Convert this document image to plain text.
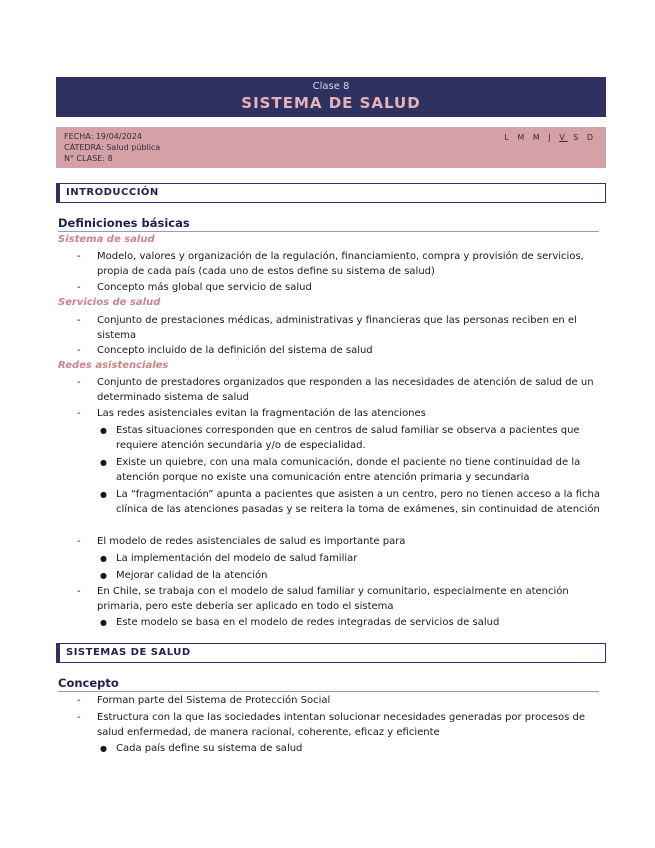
Clase 8
SISTEMA DE SALUD
FECHA: 19/04/2024
CÁTEDRA: Salud pública
N° CLASE: 8
L M M J V S D
INTRODUCCIÓN
Definiciones básicas
Sistema de salud
- Modelo, valores y organización de la regulación, financiamiento, compra y provisión de servicios, propia de cada país (cada uno de estos define su sistema de salud)
- Concepto más global que servicio de salud
Servicios de salud
- Conjunto de prestaciones médicas, administrativas y financieras que las personas reciben en el sistema
- Concepto incluido de la definición del sistema de salud
Redes asistenciales
- Conjunto de prestadores organizados que responden a las necesidades de atención de salud de un determinado sistema de salud
- Las redes asistenciales evitan la fragmentación de las atenciones
● Estas situaciones corresponden que en centros de salud familiar se observa a pacientes que requiere atención secundaria y/o de especialidad.
● Existe un quiebre, con una mala comunicación, donde el paciente no tiene continuidad de la atención porque no existe una comunicación entre atención primaria y secundaria
● La “fragmentación” apunta a pacientes que asisten a un centro, pero no tienen acceso a la ficha clínica de las atenciones pasadas y se reitera la toma de exámenes, sin continuidad de atención
- El modelo de redes asistenciales de salud es importante para
● La implementación del modelo de salud familiar
● Mejorar calidad de la atención
- En Chile, se trabaja con el modelo de salud familiar y comunitario, especialmente en atención primaria, pero este debería ser aplicado en todo el sistema
● Este modelo se basa en el modelo de redes integradas de servicios de salud
SISTEMAS DE SALUD
Concepto
- Forman parte del Sistema de Protección Social
- Estructura con la que las sociedades intentan solucionar necesidades generadas por procesos de salud enfermedad, de manera racional, coherente, eficaz y eficiente
● Cada país define su sistema de salud
